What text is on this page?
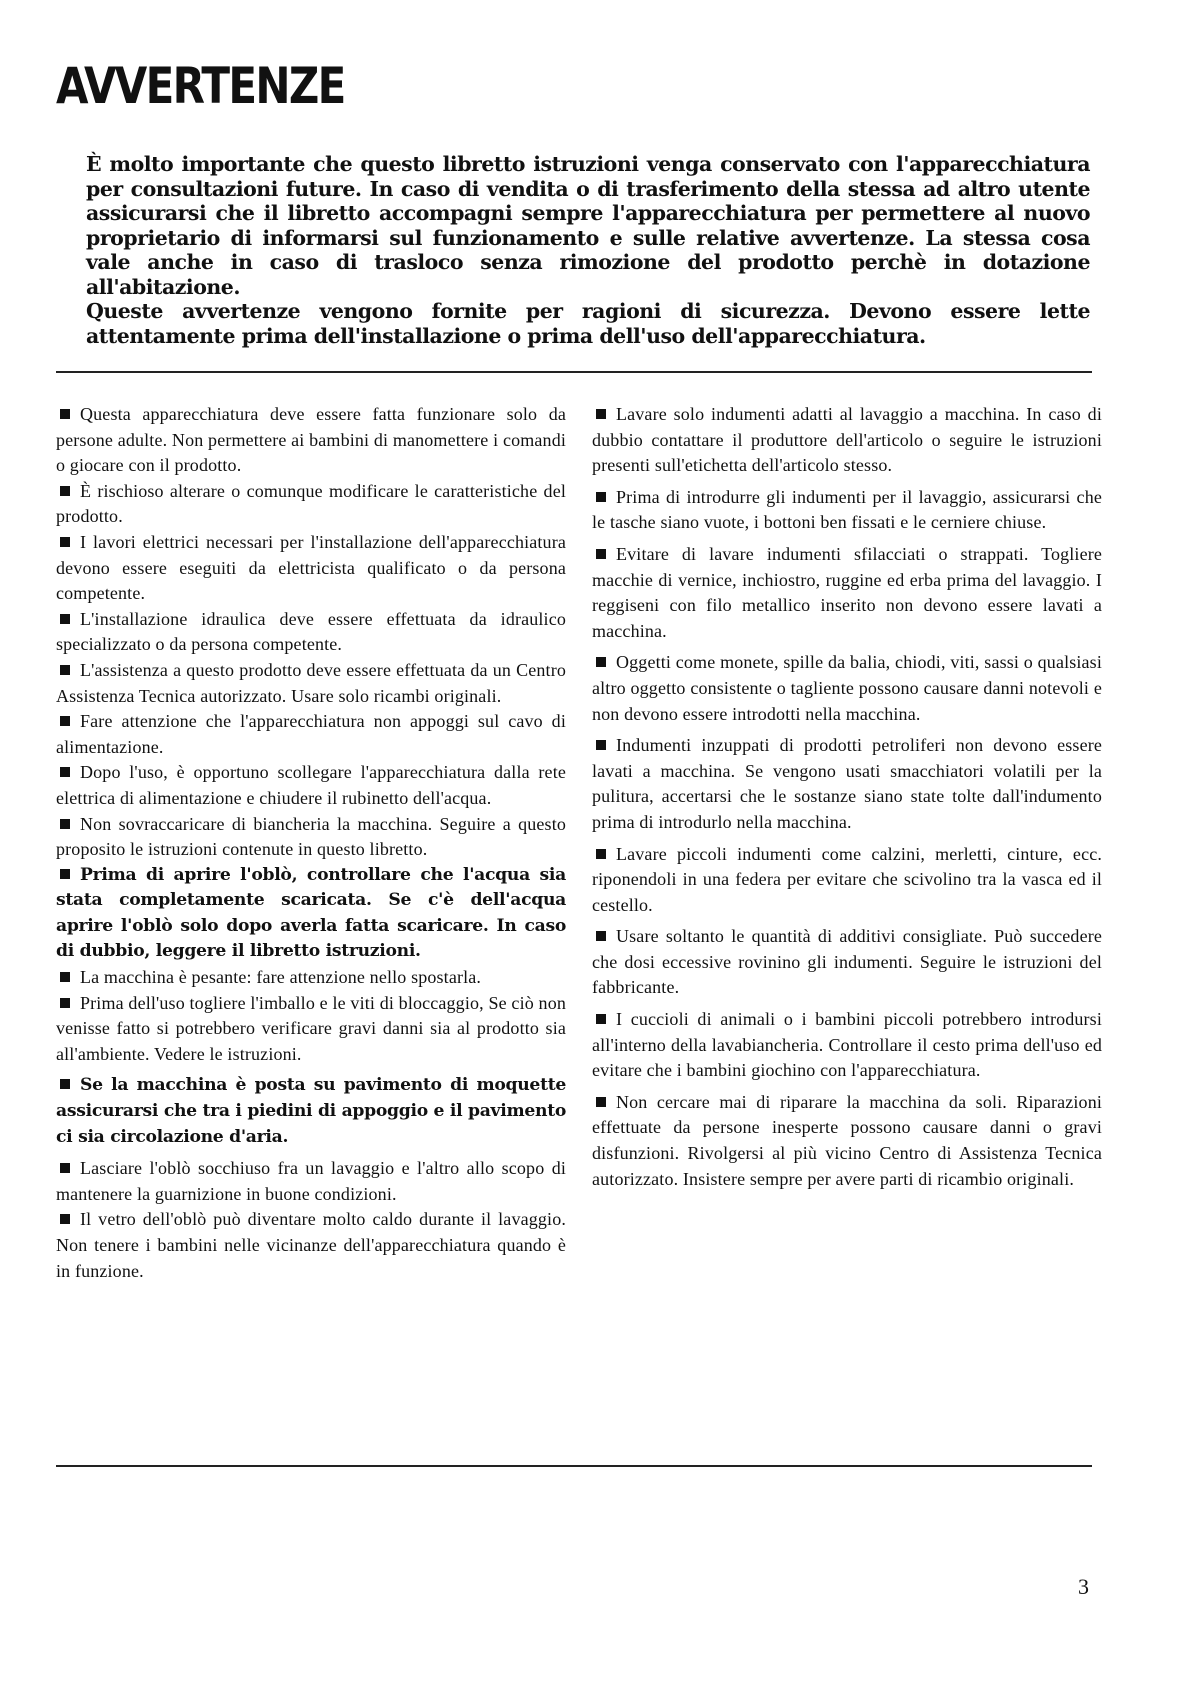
AVVERTENZE

È molto importante che questo libretto istruzioni venga conservato con l'apparecchiatura per consultazioni future. In caso di vendita o di trasferimento della stessa ad altro utente assicurarsi che il libretto accompagni sempre l'apparecchiatura per permettere al nuovo proprietario di informarsi sul funzionamento e sulle relative avvertenze. La stessa cosa vale anche in caso di trasloco senza rimozione del prodotto perchè in dotazione all'abitazione.

Queste avvertenze vengono fornite per ragioni di sicurezza. Devono essere lette attentamente prima dell'installazione o prima dell'uso dell'apparecchiatura.

Questa apparecchiatura deve essere fatta funzionare solo da persone adulte. Non permettere ai bambini di manomettere i comandi o giocare con il prodotto.

È rischioso alterare o comunque modificare le caratteristiche del prodotto.

I lavori elettrici necessari per l'installazione dell'apparecchiatura devono essere eseguiti da elettricista qualificato o da persona competente.

L'installazione idraulica deve essere effettuata da idraulico specializzato o da persona competente.

L'assistenza a questo prodotto deve essere effettuata da un Centro Assistenza Tecnica autorizzato. Usare solo ricambi originali.

Fare attenzione che l'apparecchiatura non appoggi sul cavo di alimentazione.

Dopo l'uso, è opportuno scollegare l'apparecchiatura dalla rete elettrica di alimentazione e chiudere il rubinetto dell'acqua.

Non sovraccaricare di biancheria la macchina. Seguire a questo proposito le istruzioni contenute in questo libretto.

Prima di aprire l'oblò, controllare che l'acqua sia stata completamente scaricata. Se c'è dell'acqua aprire l'oblò solo dopo averla fatta scaricare. In caso di dubbio, leggere il libretto istruzioni.

La macchina è pesante: fare attenzione nello spostarla.

Prima dell'uso togliere l'imballo e le viti di bloccaggio, Se ciò non venisse fatto si potrebbero verificare gravi danni sia al prodotto sia all'ambiente. Vedere le istruzioni.

Se la macchina è posta su pavimento di moquette assicurarsi che tra i piedini di appoggio e il pavimento ci sia circolazione d'aria.

Lasciare l'oblò socchiuso fra un lavaggio e l'altro allo scopo di mantenere la guarnizione in buone condizioni.

Il vetro dell'oblò può diventare molto caldo durante il lavaggio. Non tenere i bambini nelle vicinanze dell'apparecchiatura quando è in funzione.

Lavare solo indumenti adatti al lavaggio a macchina. In caso di dubbio contattare il produttore dell'articolo o seguire le istruzioni presenti sull'etichetta dell'articolo stesso.

Prima di introdurre gli indumenti per il lavaggio, assicurarsi che le tasche siano vuote, i bottoni ben fissati e le cerniere chiuse.

Evitare di lavare indumenti sfilacciati o strappati. Togliere macchie di vernice, inchiostro, ruggine ed erba prima del lavaggio. I reggiseni con filo metallico inserito non devono essere lavati a macchina.

Oggetti come monete, spille da balia, chiodi, viti, sassi o qualsiasi altro oggetto consistente o tagliente possono causare danni notevoli e non devono essere introdotti nella macchina.

Indumenti inzuppati di prodotti petroliferi non devono essere lavati a macchina. Se vengono usati smacchiatori volatili per la pulitura, accertarsi che le sostanze siano state tolte dall'indumento prima di introdurlo nella macchina.

Lavare piccoli indumenti come calzini, merletti, cinture, ecc. riponendoli in una federa per evitare che scivolino tra la vasca ed il cestello.

Usare soltanto le quantità di additivi consigliate. Può succedere che dosi eccessive rovinino gli indumenti. Seguire le istruzioni del fabbricante.

I cuccioli di animali o i bambini piccoli potrebbero introdursi all'interno della lavabiancheria. Controllare il cesto prima dell'uso ed evitare che i bambini giochino con l'apparecchiatura.

Non cercare mai di riparare la macchina da soli. Riparazioni effettuate da persone inesperte possono causare danni o gravi disfunzioni. Rivolgersi al più vicino Centro di Assistenza Tecnica autorizzato. Insistere sempre per avere parti di ricambio originali.

3
